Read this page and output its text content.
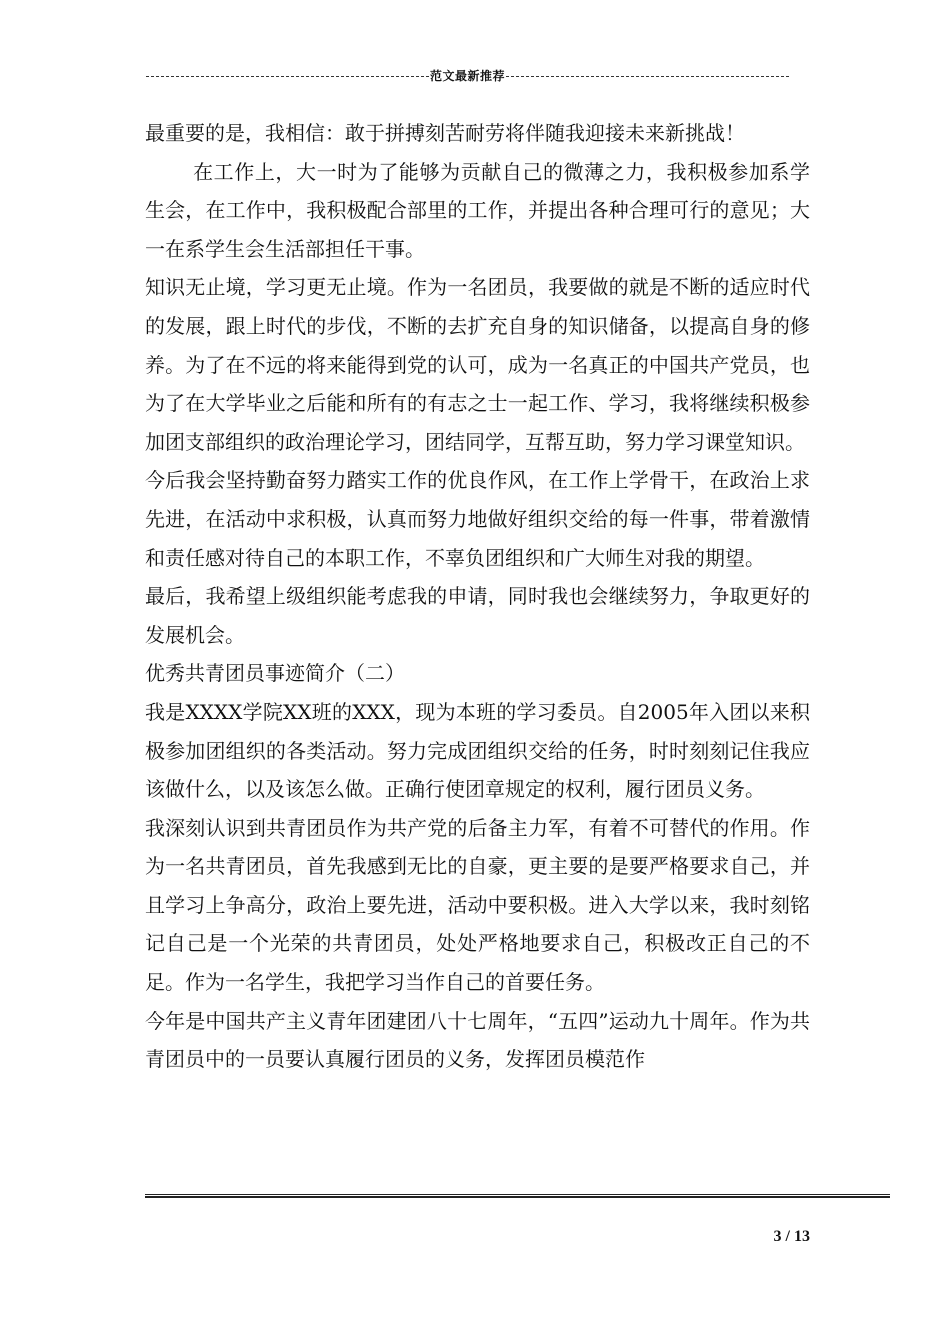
范文最新推荐

最重要的是，我相信：敢于拼搏刻苦耐劳将伴随我迎接未来新挑战！

　　 在工作上，大一时为了能够为贡献自己的微薄之力，我积极参加系学生会，在工作中，我积极配合部里的工作，并提出各种合理可行的意见；大一在系学生会生活部担任干事。

知识无止境，学习更无止境。作为一名团员，我要做的就是不断的适应时代的发展，跟上时代的步伐，不断的去扩充自身的知识储备，以提高自身的修养。为了在不远的将来能得到党的认可，成为一名真正的中国共产党员，也为了在大学毕业之后能和所有的有志之士一起工作、学习，我将继续积极参加团支部组织的政治理论学习，团结同学，互帮互助，努力学习课堂知识。

今后我会坚持勤奋努力踏实工作的优良作风，在工作上学骨干，在政治上求先进，在活动中求积极，认真而努力地做好组织交给的每一件事，带着激情和责任感对待自己的本职工作，不辜负团组织和广大师生对我的期望。

最后，我希望上级组织能考虑我的申请，同时我也会继续努力，争取更好的发展机会。

优秀共青团员事迹简介（二）

我是XXXX学院XX班的XXX，现为本班的学习委员。自2005年入团以来积极参加团组织的各类活动。努力完成团组织交给的任务，时时刻刻记住我应该做什么，以及该怎么做。正确行使团章规定的权利，履行团员义务。

我深刻认识到共青团员作为共产党的后备主力军，有着不可替代的作用。作为一名共青团员，首先我感到无比的自豪，更主要的是要严格要求自己，并且学习上争高分，政治上要先进，活动中要积极。进入大学以来，我时刻铭记自己是一个光荣的共青团员，处处严格地要求自己，积极改正自己的不足。作为一名学生，我把学习当作自己的首要任务。

今年是中国共产主义青年团建团八十七周年，“五四”运动九十周年。作为共青团员中的一员要认真履行团员的义务，发挥团员模范作

3 / 13
